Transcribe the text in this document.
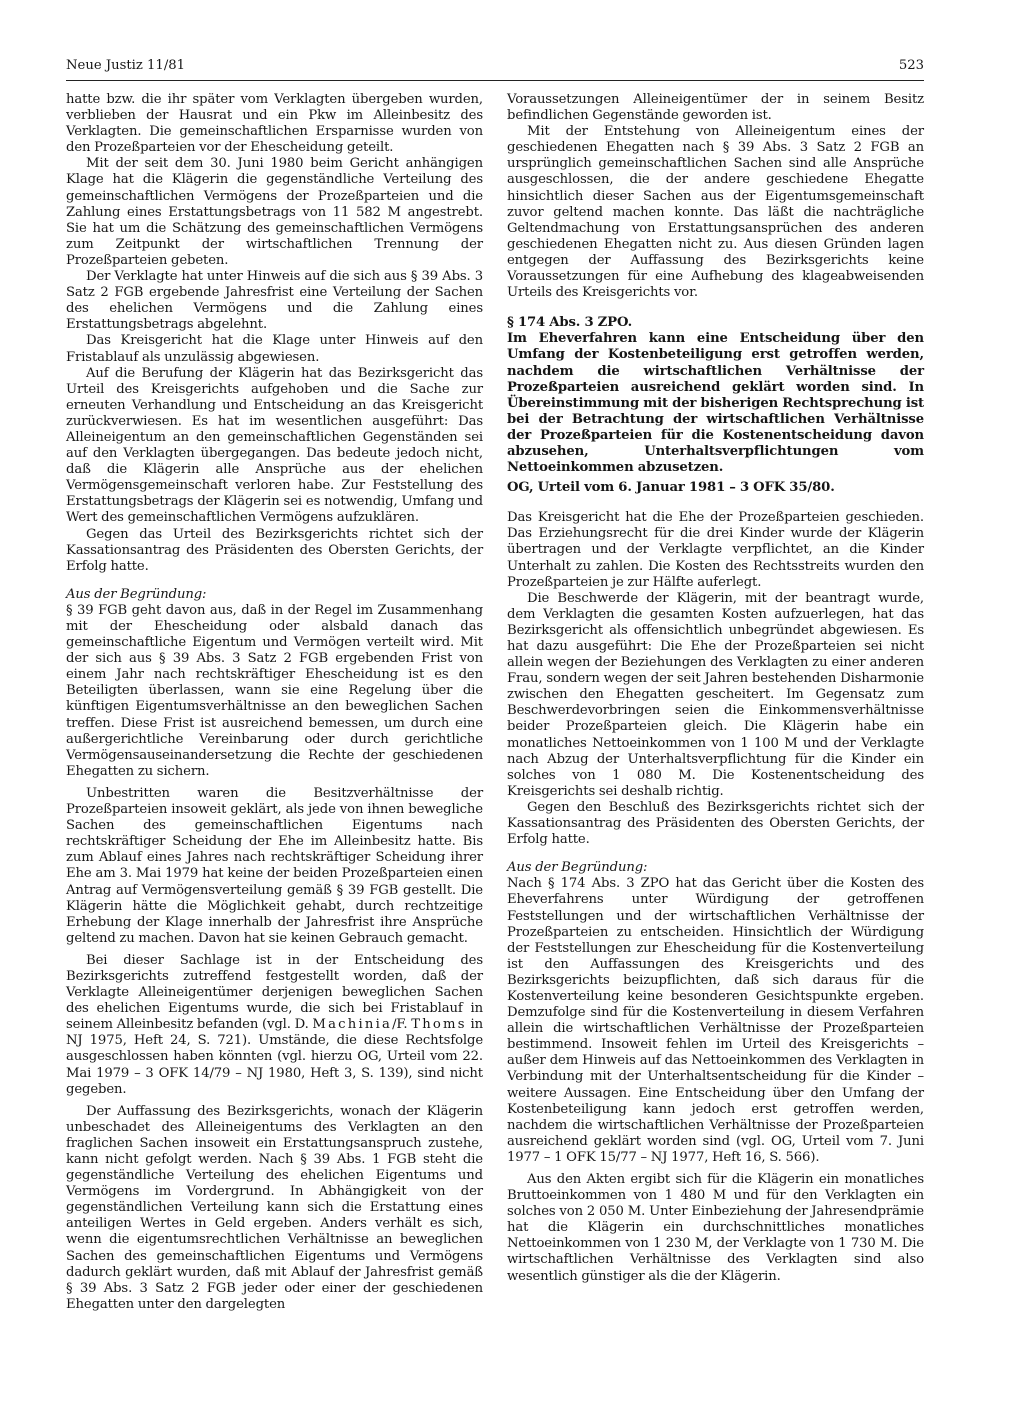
Neue Justiz 11/81	523

hatte bzw. die ihr später vom Verklagten übergeben wurden, verblieben der Hausrat und ein Pkw im Alleinbesitz des Verklagten. Die gemeinschaftlichen Ersparnisse wurden von den Prozeßparteien vor der Ehescheidung geteilt.

Mit der seit dem 30. Juni 1980 beim Gericht anhängigen Klage hat die Klägerin die gegenständliche Verteilung des gemeinschaftlichen Vermögens der Prozeßparteien und die Zahlung eines Erstattungsbetrags von 11 582 M angestrebt. Sie hat um die Schätzung des gemeinschaftlichen Vermögens zum Zeitpunkt der wirtschaftlichen Trennung der Prozeßparteien gebeten.

Der Verklagte hat unter Hinweis auf die sich aus § 39 Abs. 3 Satz 2 FGB ergebende Jahresfrist eine Verteilung der Sachen des ehelichen Vermögens und die Zahlung eines Erstattungsbetrags abgelehnt.

Das Kreisgericht hat die Klage unter Hinweis auf den Fristablauf als unzulässig abgewiesen.

Auf die Berufung der Klägerin hat das Bezirksgericht das Urteil des Kreisgerichts aufgehoben und die Sache zur erneuten Verhandlung und Entscheidung an das Kreisgericht zurückverwiesen. Es hat im wesentlichen ausgeführt: Das Alleineigentum an den gemeinschaftlichen Gegenständen sei auf den Verklagten übergegangen. Das bedeute jedoch nicht, daß die Klägerin alle Ansprüche aus der ehelichen Vermögensgemeinschaft verloren habe. Zur Feststellung des Erstattungsbetrags der Klägerin sei es notwendig, Umfang und Wert des gemeinschaftlichen Vermögens aufzuklären.

Gegen das Urteil des Bezirksgerichts richtet sich der Kassationsantrag des Präsidenten des Obersten Gerichts, der Erfolg hatte.

Aus der Begründung:

§ 39 FGB geht davon aus, daß in der Regel im Zusammenhang mit der Ehescheidung oder alsbald danach das gemeinschaftliche Eigentum und Vermögen verteilt wird. Mit der sich aus § 39 Abs. 3 Satz 2 FGB ergebenden Frist von einem Jahr nach rechtskräftiger Ehescheidung ist es den Beteiligten überlassen, wann sie eine Regelung über die künftigen Eigentumsverhältnisse an den beweglichen Sachen treffen. Diese Frist ist ausreichend bemessen, um durch eine außergerichtliche Vereinbarung oder durch gerichtliche Vermögensauseinandersetzung die Rechte der geschiedenen Ehegatten zu sichern.

Unbestritten waren die Besitzverhältnisse der Prozeßparteien insoweit geklärt, als jede von ihnen bewegliche Sachen des gemeinschaftlichen Eigentums nach rechtskräftiger Scheidung der Ehe im Alleinbesitz hatte. Bis zum Ablauf eines Jahres nach rechtskräftiger Scheidung ihrer Ehe am 3. Mai 1979 hat keine der beiden Prozeßparteien einen Antrag auf Vermögensverteilung gemäß § 39 FGB gestellt. Die Klägerin hätte die Möglichkeit gehabt, durch rechtzeitige Erhebung der Klage innerhalb der Jahresfrist ihre Ansprüche geltend zu machen. Davon hat sie keinen Gebrauch gemacht.

Bei dieser Sachlage ist in der Entscheidung des Bezirksgerichts zutreffend festgestellt worden, daß der Verklagte Alleineigentümer derjenigen beweglichen Sachen des ehelichen Eigentums wurde, die sich bei Fristablauf in seinem Alleinbesitz befanden (vgl. D. Machinia/F. Thoms in NJ 1975, Heft 24, S. 721). Umstände, die diese Rechtsfolge ausgeschlossen haben könnten (vgl. hierzu OG, Urteil vom 22. Mai 1979 – 3 OFK 14/79 – NJ 1980, Heft 3, S. 139), sind nicht gegeben.

Der Auffassung des Bezirksgerichts, wonach der Klägerin unbeschadet des Alleineigentums des Verklagten an den fraglichen Sachen insoweit ein Erstattungsanspruch zustehe, kann nicht gefolgt werden. Nach § 39 Abs. 1 FGB steht die gegenständliche Verteilung des ehelichen Eigentums und Vermögens im Vordergrund. In Abhängigkeit von der gegenständlichen Verteilung kann sich die Erstattung eines anteiligen Wertes in Geld ergeben. Anders verhält es sich, wenn die eigentumsrechtlichen Verhältnisse an beweglichen Sachen des gemeinschaftlichen Eigentums und Vermögens dadurch geklärt wurden, daß mit Ablauf der Jahresfrist gemäß § 39 Abs. 3 Satz 2 FGB jeder oder einer der geschiedenen Ehegatten unter den dargelegten

Voraussetzungen Alleineigentümer der in seinem Besitz befindlichen Gegenstände geworden ist.

Mit der Entstehung von Alleineigentum eines der geschiedenen Ehegatten nach § 39 Abs. 3 Satz 2 FGB an ursprünglich gemeinschaftlichen Sachen sind alle Ansprüche ausgeschlossen, die der andere geschiedene Ehegatte hinsichtlich dieser Sachen aus der Eigentumsgemeinschaft zuvor geltend machen konnte. Das läßt die nachträgliche Geltendmachung von Erstattungsansprüchen des anderen geschiedenen Ehegatten nicht zu. Aus diesen Gründen lagen entgegen der Auffassung des Bezirksgerichts keine Voraussetzungen für eine Aufhebung des klageabweisenden Urteils des Kreisgerichts vor.

§ 174 Abs. 3 ZPO.

Im Eheverfahren kann eine Entscheidung über den Umfang der Kostenbeteiligung erst getroffen werden, nachdem die wirtschaftlichen Verhältnisse der Prozeßparteien ausreichend geklärt worden sind. In Übereinstimmung mit der bisherigen Rechtsprechung ist bei der Betrachtung der wirtschaftlichen Verhältnisse der Prozeßparteien für die Kostenentscheidung davon abzusehen, Unterhaltsverpflichtungen vom Nettoeinkommen abzusetzen.

OG, Urteil vom 6. Januar 1981 – 3 OFK 35/80.

Das Kreisgericht hat die Ehe der Prozeßparteien geschieden. Das Erziehungsrecht für die drei Kinder wurde der Klägerin übertragen und der Verklagte verpflichtet, an die Kinder Unterhalt zu zahlen. Die Kosten des Rechtsstreits wurden den Prozeßparteien je zur Hälfte auferlegt.

Die Beschwerde der Klägerin, mit der beantragt wurde, dem Verklagten die gesamten Kosten aufzuerlegen, hat das Bezirksgericht als offensichtlich unbegründet abgewiesen. Es hat dazu ausgeführt: Die Ehe der Prozeßparteien sei nicht allein wegen der Beziehungen des Verklagten zu einer anderen Frau, sondern wegen der seit Jahren bestehenden Disharmonie zwischen den Ehegatten gescheitert. Im Gegensatz zum Beschwerdevorbringen seien die Einkommensverhältnisse beider Prozeßparteien gleich. Die Klägerin habe ein monatliches Nettoeinkommen von 1 100 M und der Verklagte nach Abzug der Unterhaltsverpflichtung für die Kinder ein solches von 1 080 M. Die Kostenentscheidung des Kreisgerichts sei deshalb richtig.

Gegen den Beschluß des Bezirksgerichts richtet sich der Kassationsantrag des Präsidenten des Obersten Gerichts, der Erfolg hatte.

Aus der Begründung:

Nach § 174 Abs. 3 ZPO hat das Gericht über die Kosten des Eheverfahrens unter Würdigung der getroffenen Feststellungen und der wirtschaftlichen Verhältnisse der Prozeßparteien zu entscheiden. Hinsichtlich der Würdigung der Feststellungen zur Ehescheidung für die Kostenverteilung ist den Auffassungen des Kreisgerichts und des Bezirksgerichts beizupflichten, daß sich daraus für die Kostenverteilung keine besonderen Gesichtspunkte ergeben. Demzufolge sind für die Kostenverteilung in diesem Verfahren allein die wirtschaftlichen Verhältnisse der Prozeßparteien bestimmend. Insoweit fehlen im Urteil des Kreisgerichts – außer dem Hinweis auf das Nettoeinkommen des Verklagten in Verbindung mit der Unterhaltsentscheidung für die Kinder – weitere Aussagen. Eine Entscheidung über den Umfang der Kostenbeteiligung kann jedoch erst getroffen werden, nachdem die wirtschaftlichen Verhältnisse der Prozeßparteien ausreichend geklärt worden sind (vgl. OG, Urteil vom 7. Juni 1977 – 1 OFK 15/77 – NJ 1977, Heft 16, S. 566).

Aus den Akten ergibt sich für die Klägerin ein monatliches Bruttoeinkommen von 1 480 M und für den Verklagten ein solches von 2 050 M. Unter Einbeziehung der Jahresendprämie hat die Klägerin ein durchschnittliches monatliches Nettoeinkommen von 1 230 M, der Verklagte von 1 730 M. Die wirtschaftlichen Verhältnisse des Verklagten sind also wesentlich günstiger als die der Klägerin.
